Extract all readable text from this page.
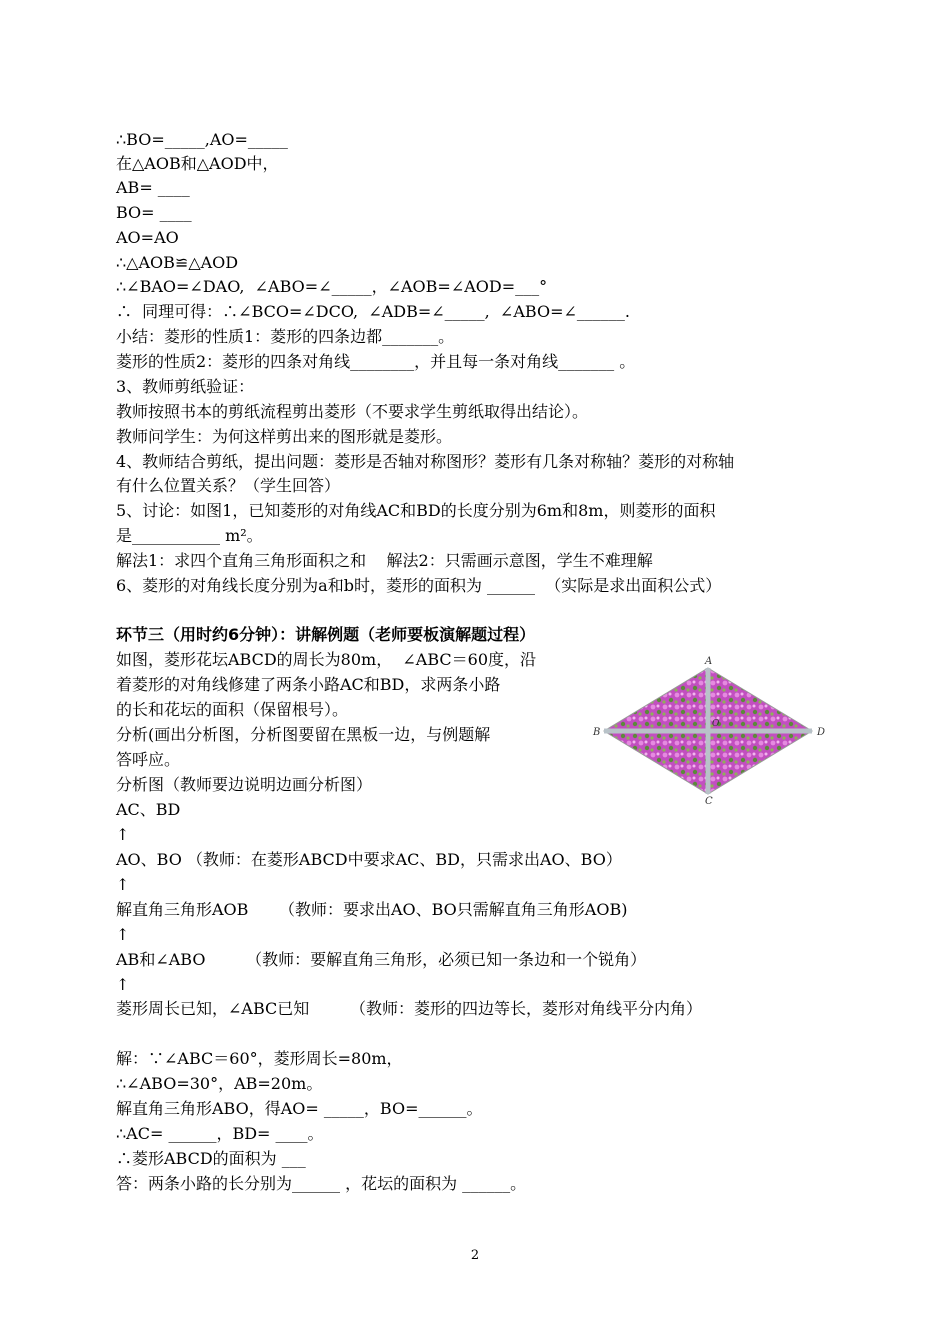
∴BO=_____,AO=_____
在△AOB和△AOD中，
AB= ____
BO= ____
AO=AO
∴△AOB≌△AOD
∴∠BAO=∠DAO,  ∠ABO=∠_____，∠AOB=∠AOD=___°
∴  同理可得：∴∠BCO=∠DCO,  ∠ADB=∠_____,  ∠ABO=∠______.
小结：菱形的性质1：菱形的四条边都_______。
菱形的性质2：菱形的四条对角线________，并且每一条对角线_______ 。
3、教师剪纸验证：
教师按照书本的剪纸流程剪出菱形（不要求学生剪纸取得出结论）。
教师问学生：为何这样剪出来的图形就是菱形。
4、教师结合剪纸，提出问题：菱形是否轴对称图形？菱形有几条对称轴？菱形的对称轴
有什么位置关系？（学生回答）
5、讨论：如图1，已知菱形的对角线AC和BD的长度分别为6m和8m，则菱形的面积
是___________ m²。
解法1：求四个直角三角形面积之和    解法2：只需画示意图，学生不难理解
6、菱形的对角线长度分别为a和b时，菱形的面积为 ______  （实际是求出面积公式）
环节三（用时约6分钟）：讲解例题（老师要板演解题过程）
如图，菱形花坛ABCD的周长为80m，  ∠ABC＝60度，沿
着菱形的对角线修建了两条小路AC和BD，求两条小路
的长和花坛的面积（保留根号）。
分析(画出分析图，分析图要留在黑板一边，与例题解
答呼应。
分析图（教师要边说明边画分析图）
AC、BD
↑
AO、BO （教师：在菱形ABCD中要求AC、BD，只需求出AO、BO）
↑
解直角三角形AOB      （教师：要求出AO、BO只需解直角三角形AOB)
↑
AB和∠ABO        （教师：要解直角三角形，必须已知一条边和一个锐角）
↑
菱形周长已知，∠ABC已知        （教师：菱形的四边等长，菱形对角线平分内角）
解：∵∠ABC＝60°，菱形周长=80m，
∴∠ABO=30°，AB=20m。
解直角三角形ABO，得AO= _____，BO=______。
∴AC= ______，BD= ____。
∴菱形ABCD的面积为 ___
答：两条小路的长分别为______ ，花坛的面积为 ______。
A
B
C
D
O
2
